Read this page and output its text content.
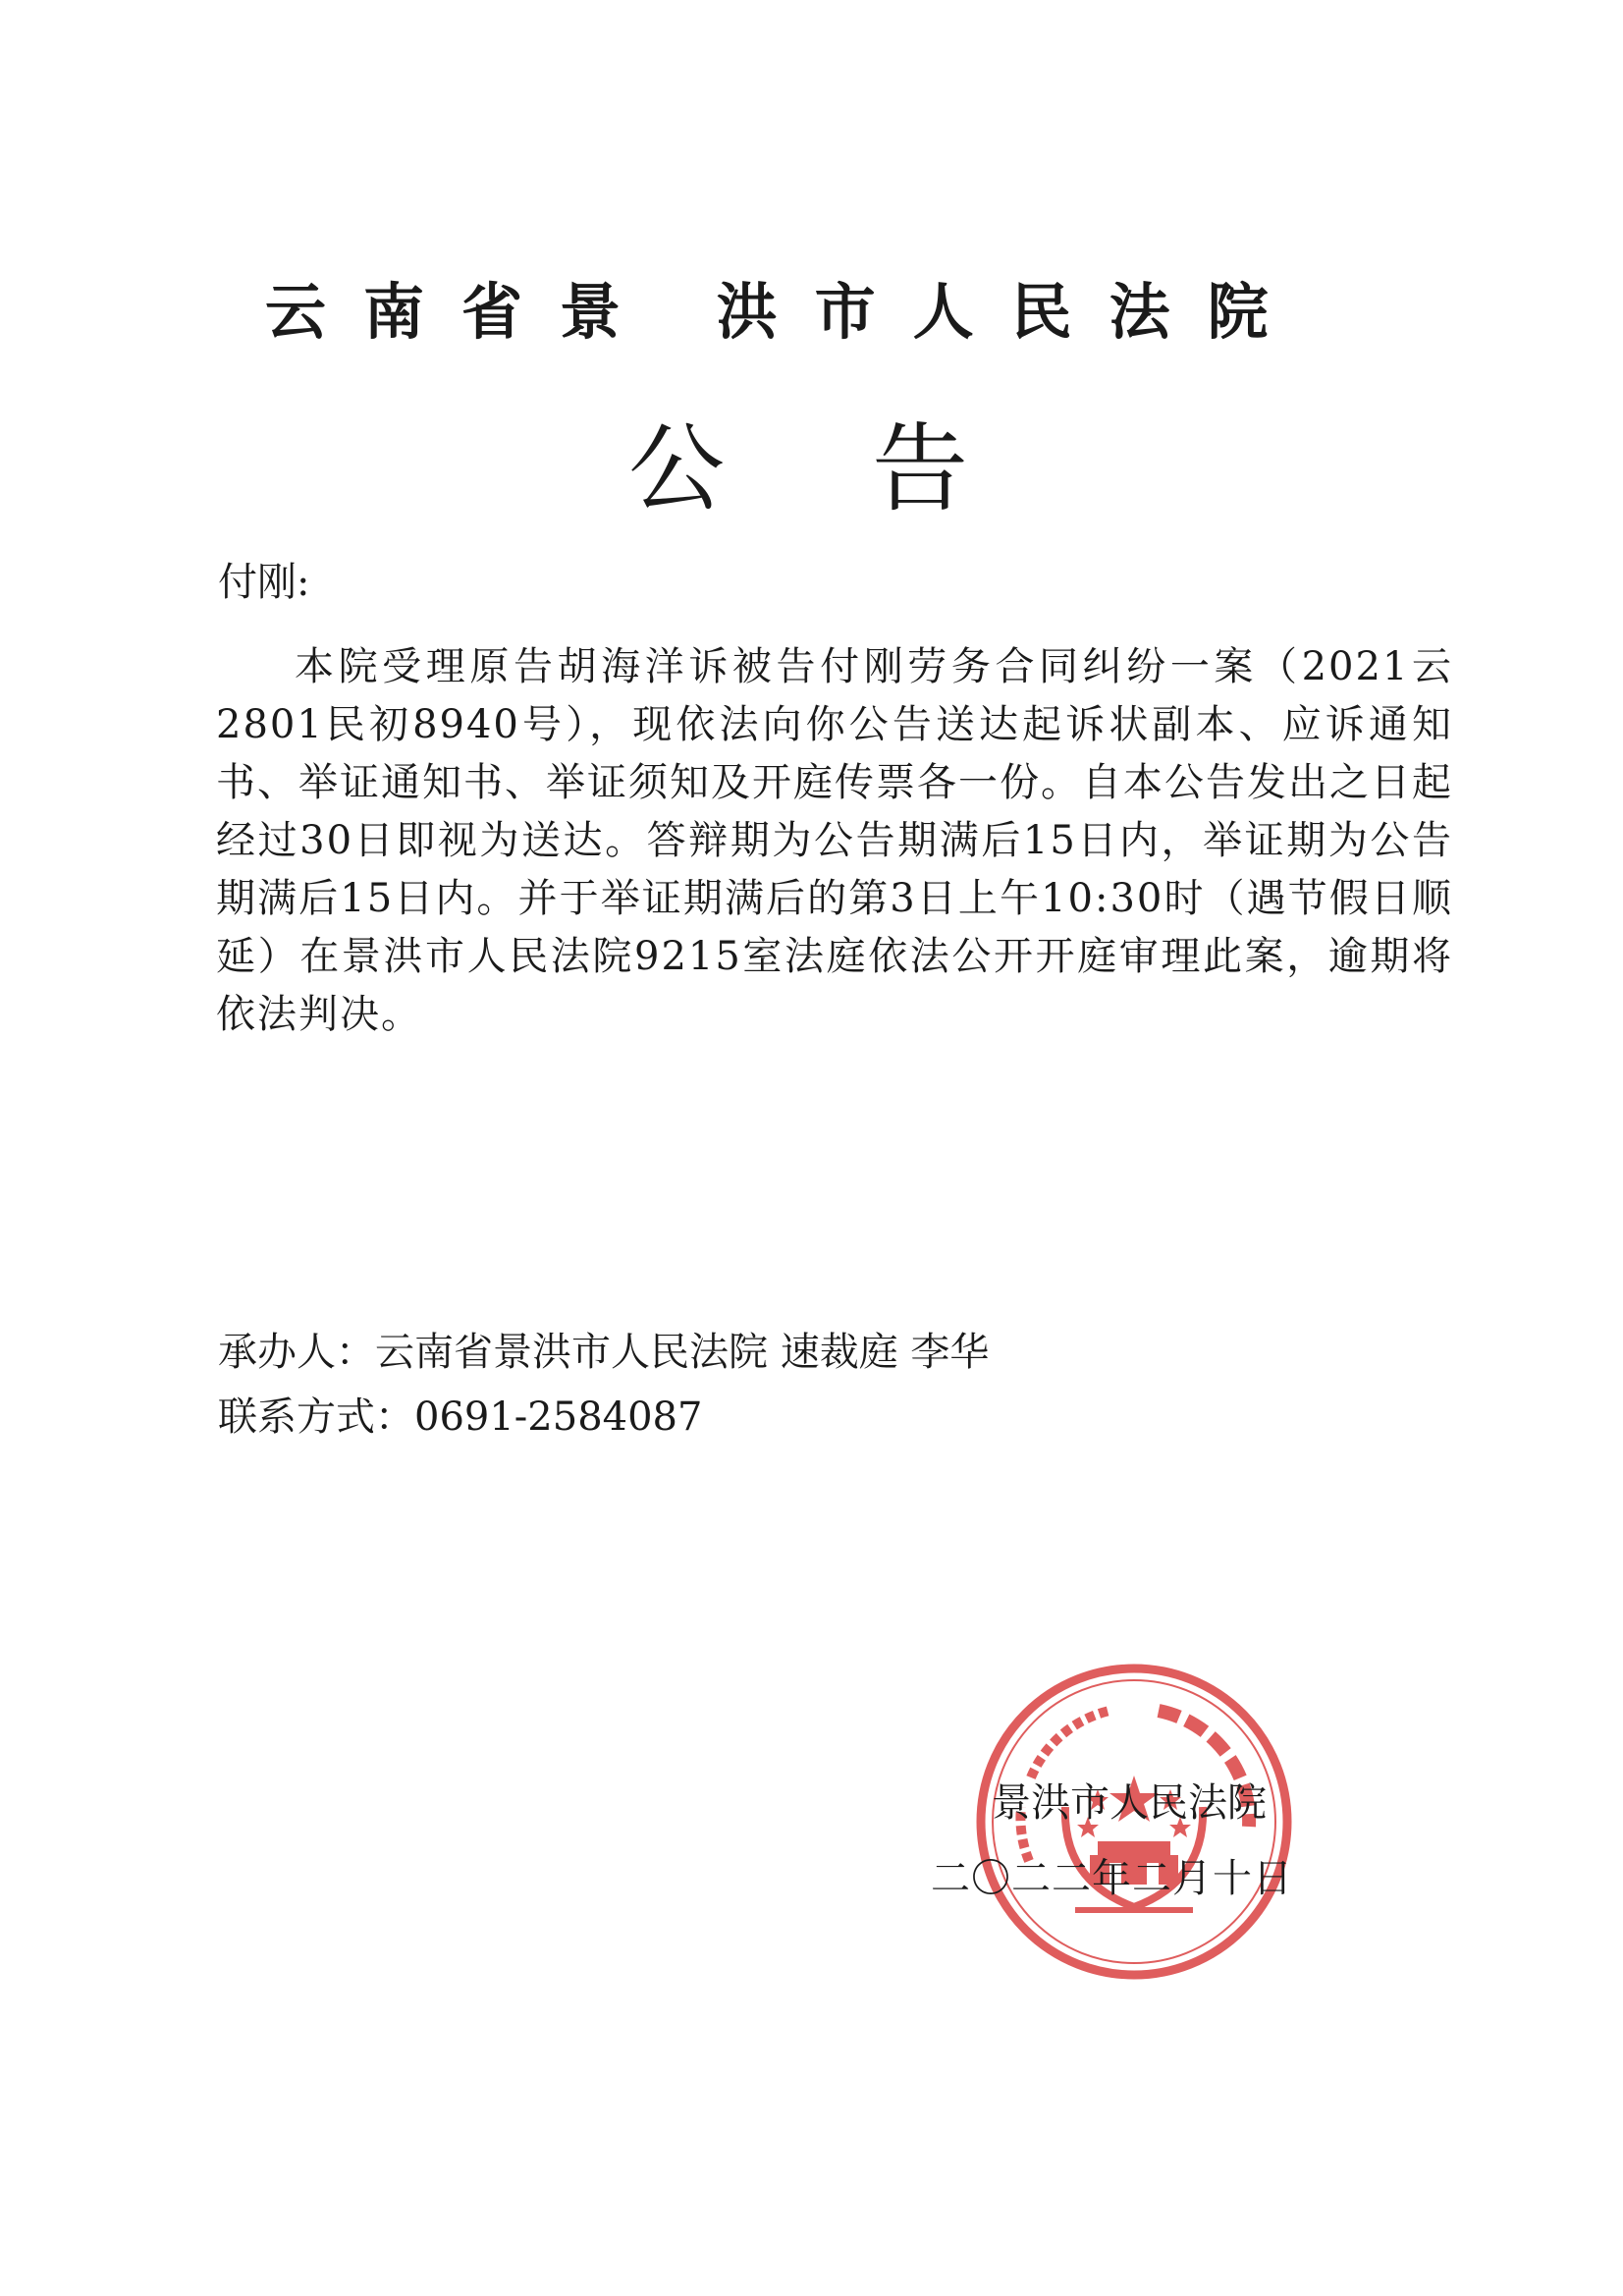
云南省景 洪市人民法院
公告
付刚:
本院受理原告胡海洋诉被告付刚劳务合同纠纷一案（2021云2801民初8940号），现依法向你公告送达起诉状副本、应诉通知书、举证通知书、举证须知及开庭传票各一份。自本公告发出之日起经过30日即视为送达。答辩期为公告期满后15日内，举证期为公告期满后15日内。并于举证期满后的第3日上午10:30时（遇节假日顺延）在景洪市人民法院9215室法庭依法公开开庭审理此案，逾期将依法判决。
承办人：云南省景洪市人民法院 速裁庭 李华
联系方式：0691-2584087
景洪市人民法院
二〇二二年二月十日
